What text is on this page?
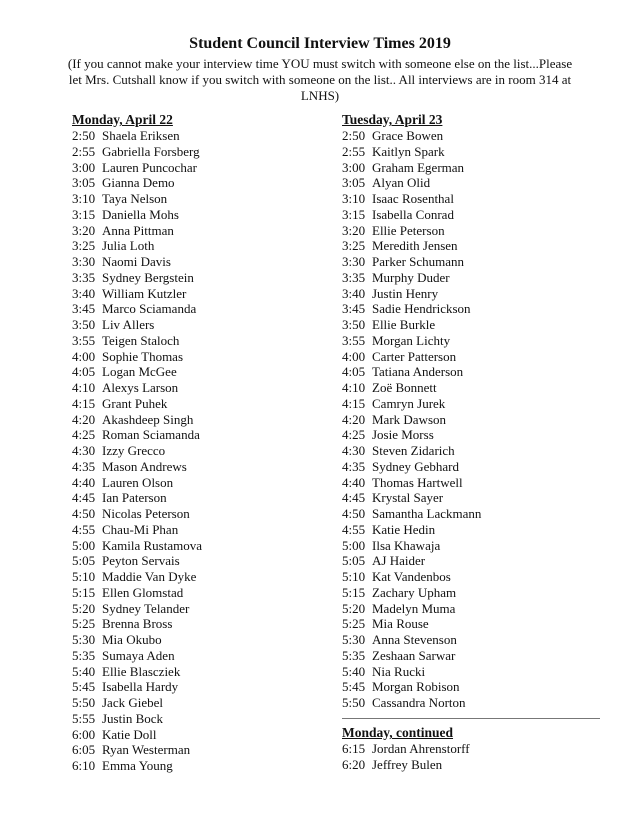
Student Council Interview Times 2019
(If you cannot make your interview time YOU must switch with someone else on the list...Please let Mrs. Cutshall know if you switch with someone on the list.. All interviews are in room 314 at LNHS)
Monday, April 22
2:50 Shaela Eriksen
2:55 Gabriella Forsberg
3:00 Lauren Puncochar
3:05 Gianna Demo
3:10 Taya Nelson
3:15 Daniella Mohs
3:20 Anna Pittman
3:25 Julia Loth
3:30 Naomi Davis
3:35 Sydney Bergstein
3:40 William Kutzler
3:45 Marco Sciamanda
3:50 Liv Allers
3:55 Teigen Staloch
4:00 Sophie Thomas
4:05 Logan McGee
4:10 Alexys Larson
4:15 Grant Puhek
4:20 Akashdeep Singh
4:25 Roman Sciamanda
4:30 Izzy Grecco
4:35 Mason Andrews
4:40 Lauren Olson
4:45 Ian Paterson
4:50 Nicolas Peterson
4:55 Chau-Mi Phan
5:00 Kamila Rustamova
5:05 Peyton Servais
5:10 Maddie Van Dyke
5:15 Ellen Glomstad
5:20 Sydney Telander
5:25 Brenna Bross
5:30 Mia Okubo
5:35 Sumaya Aden
5:40 Ellie Blascziek
5:45 Isabella Hardy
5:50 Jack Giebel
5:55 Justin Bock
6:00 Katie Doll
6:05 Ryan Westerman
6:10 Emma Young
Tuesday, April 23
2:50 Grace Bowen
2:55 Kaitlyn Spark
3:00 Graham Egerman
3:05 Alyan Olid
3:10 Isaac Rosenthal
3:15 Isabella Conrad
3:20 Ellie Peterson
3:25 Meredith Jensen
3:30 Parker Schumann
3:35 Murphy Duder
3:40 Justin Henry
3:45 Sadie Hendrickson
3:50 Ellie Burkle
3:55 Morgan Lichty
4:00 Carter Patterson
4:05 Tatiana Anderson
4:10 Zoë Bonnett
4:15 Camryn Jurek
4:20 Mark Dawson
4:25 Josie Morss
4:30 Steven Zidarich
4:35 Sydney Gebhard
4:40 Thomas Hartwell
4:45 Krystal Sayer
4:50 Samantha Lackmann
4:55 Katie Hedin
5:00 Ilsa Khawaja
5:05 AJ Haider
5:10 Kat Vandenbos
5:15 Zachary Upham
5:20 Madelyn Muma
5:25 Mia Rouse
5:30 Anna Stevenson
5:35 Zeshaan Sarwar
5:40 Nia Rucki
5:45 Morgan Robison
5:50 Cassandra Norton
Monday, continued
6:15 Jordan Ahrenstorff
6:20 Jeffrey Bulen
